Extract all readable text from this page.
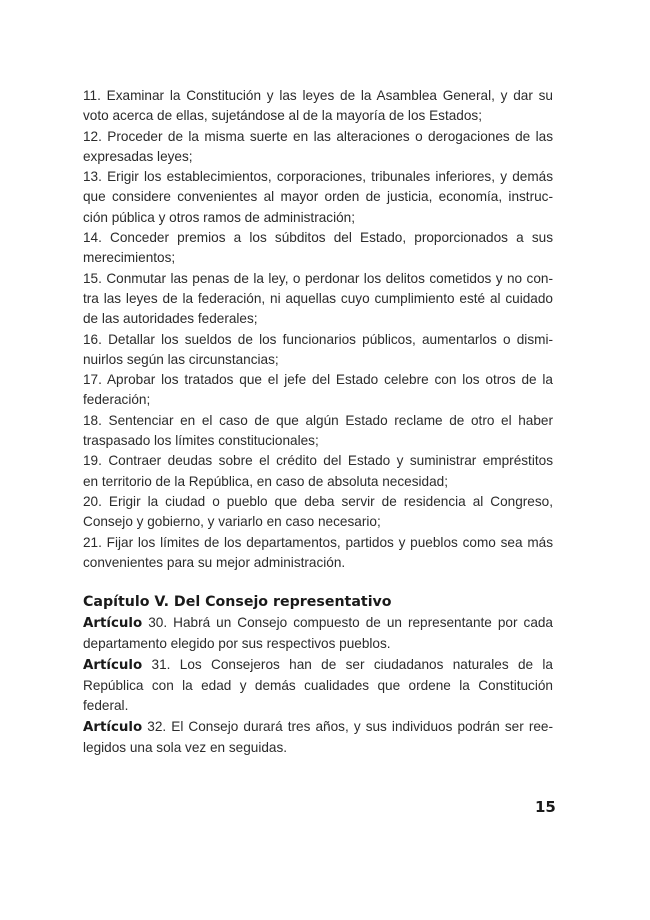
11. Examinar la Constitución y las leyes de la Asamblea General, y dar su
voto acerca de ellas, sujetándose al de la mayoría de los Estados;
12. Proceder de la misma suerte en las alteraciones o derogaciones de las
expresadas leyes;
13. Erigir los establecimientos, corporaciones, tribunales inferiores, y demás
que considere convenientes al mayor orden de justicia, economía, instruc-
ción pública y otros ramos de administración;
14. Conceder premios a los súbditos del Estado, proporcionados a sus
merecimientos;
15. Conmutar las penas de la ley, o perdonar los delitos cometidos y no con-
tra las leyes de la federación, ni aquellas cuyo cumplimiento esté al cuidado
de las autoridades federales;
16. Detallar los sueldos de los funcionarios públicos, aumentarlos o dismi-
nuirlos según las circunstancias;
17. Aprobar los tratados que el jefe del Estado celebre con los otros de la
federación;
18. Sentenciar en el caso de que algún Estado reclame de otro el haber
traspasado los límites constitucionales;
19. Contraer deudas sobre el crédito del Estado y suministrar empréstitos
en territorio de la República, en caso de absoluta necesidad;
20. Erigir la ciudad o pueblo que deba servir de residencia al Congreso,
Consejo y gobierno, y variarlo en caso necesario;
21. Fijar los límites de los departamentos, partidos y pueblos como sea más
convenientes para su mejor administración.
Capítulo V. Del Consejo representativo
Artículo 30. Habrá un Consejo compuesto de un representante por cada
departamento elegido por sus respectivos pueblos.
Artículo 31. Los Consejeros han de ser ciudadanos naturales de la
República con la edad y demás cualidades que ordene la Constitución
federal.
Artículo 32. El Consejo durará tres años, y sus individuos podrán ser ree-
legidos una sola vez en seguidas.
15
